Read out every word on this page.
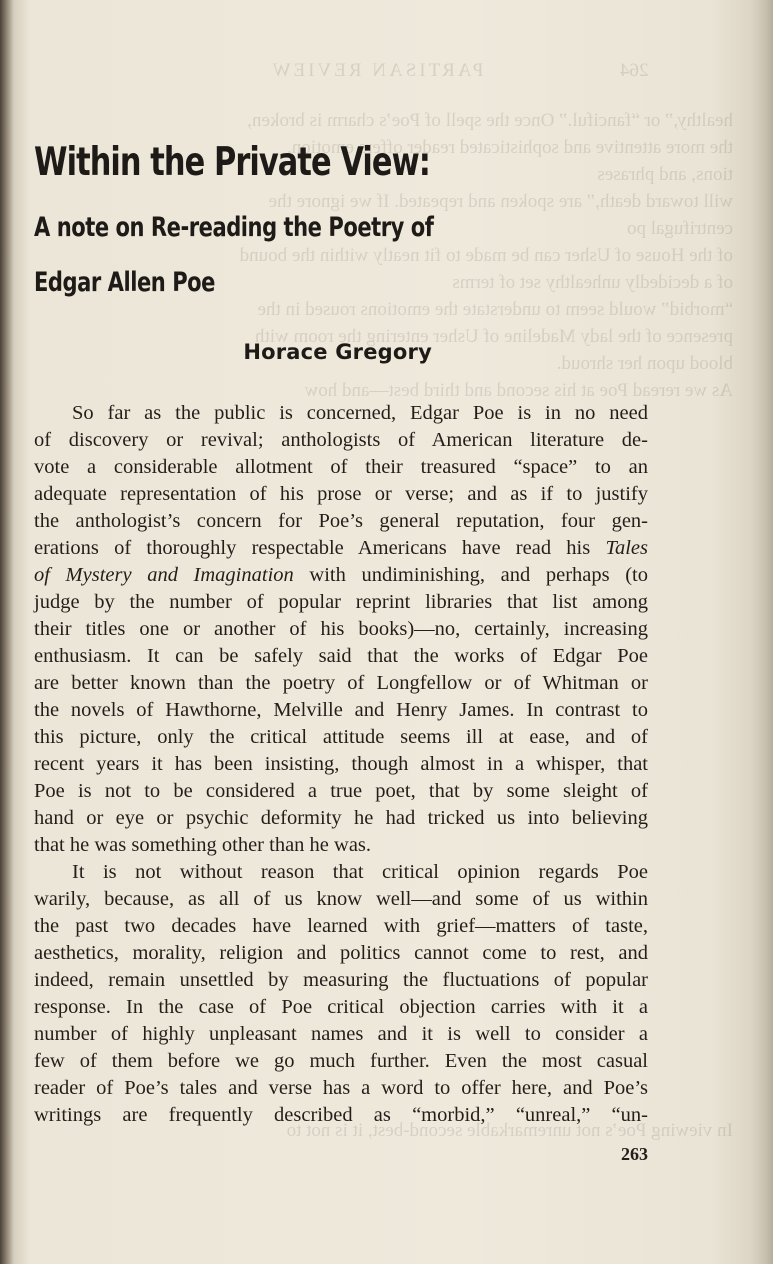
PARTISAN REVIEW	264
healthy,” or “fanciful.” Once the spell of Poe’s charm is broken,
the more attentive and sophisticated reader offers emotion,
tions, and phrases
will toward death,” are spoken and repeated. If we ignore the
centrifugal po
of the House of Usher can be made to fit neatly within the bound
of a decidedly unhealthy set of terms
“morbid” would seem to understate the emotions roused in the
presence of the lady Madeline of Usher entering the room with
blood upon her shroud.
As we reread Poe at his second and third best—and how
In viewing Poe’s not unremarkable second-best, it is not to
Within the Private View:
A note on Re-reading the Poetry of
Edgar Allen Poe
Horace Gregory
So far as the public is concerned, Edgar Poe is in no need
of discovery or revival; anthologists of American literature de-
vote a considerable allotment of their treasured “space” to an
adequate representation of his prose or verse; and as if to justify
the anthologist’s concern for Poe’s general reputation, four gen-
erations of thoroughly respectable Americans have read his Tales
of Mystery and Imagination with undiminishing, and perhaps (to
judge by the number of popular reprint libraries that list among
their titles one or another of his books)—no, certainly, increasing
enthusiasm. It can be safely said that the works of Edgar Poe
are better known than the poetry of Longfellow or of Whitman or
the novels of Hawthorne, Melville and Henry James. In contrast to
this picture, only the critical attitude seems ill at ease, and of
recent years it has been insisting, though almost in a whisper, that
Poe is not to be considered a true poet, that by some sleight of
hand or eye or psychic deformity he had tricked us into believing
that he was something other than he was.
It is not without reason that critical opinion regards Poe
warily, because, as all of us know well—and some of us within
the past two decades have learned with grief—matters of taste,
aesthetics, morality, religion and politics cannot come to rest, and
indeed, remain unsettled by measuring the fluctuations of popular
response. In the case of Poe critical objection carries with it a
number of highly unpleasant names and it is well to consider a
few of them before we go much further. Even the most casual
reader of Poe’s tales and verse has a word to offer here, and Poe’s
writings are frequently described as “morbid,” “unreal,” “un-
263
